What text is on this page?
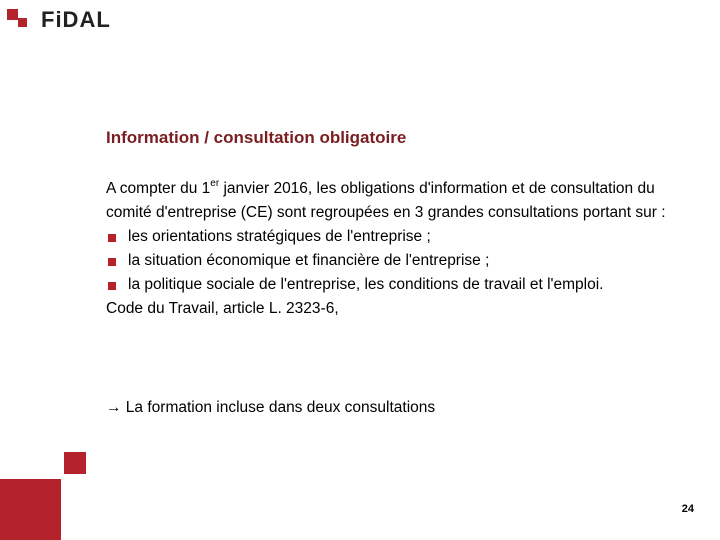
FiDAL
Information / consultation obligatoire

A compter du 1er janvier 2016, les obligations d'information et de consultation du comité d'entreprise (CE) sont regroupées en 3 grandes consultations portant sur :

les orientations stratégiques de l'entreprise ;
la situation économique et financière de l'entreprise ;
la politique sociale de l'entreprise, les conditions de travail et l'emploi.

Code du Travail, article L. 2323-6,

→ La formation incluse dans deux consultations
24
